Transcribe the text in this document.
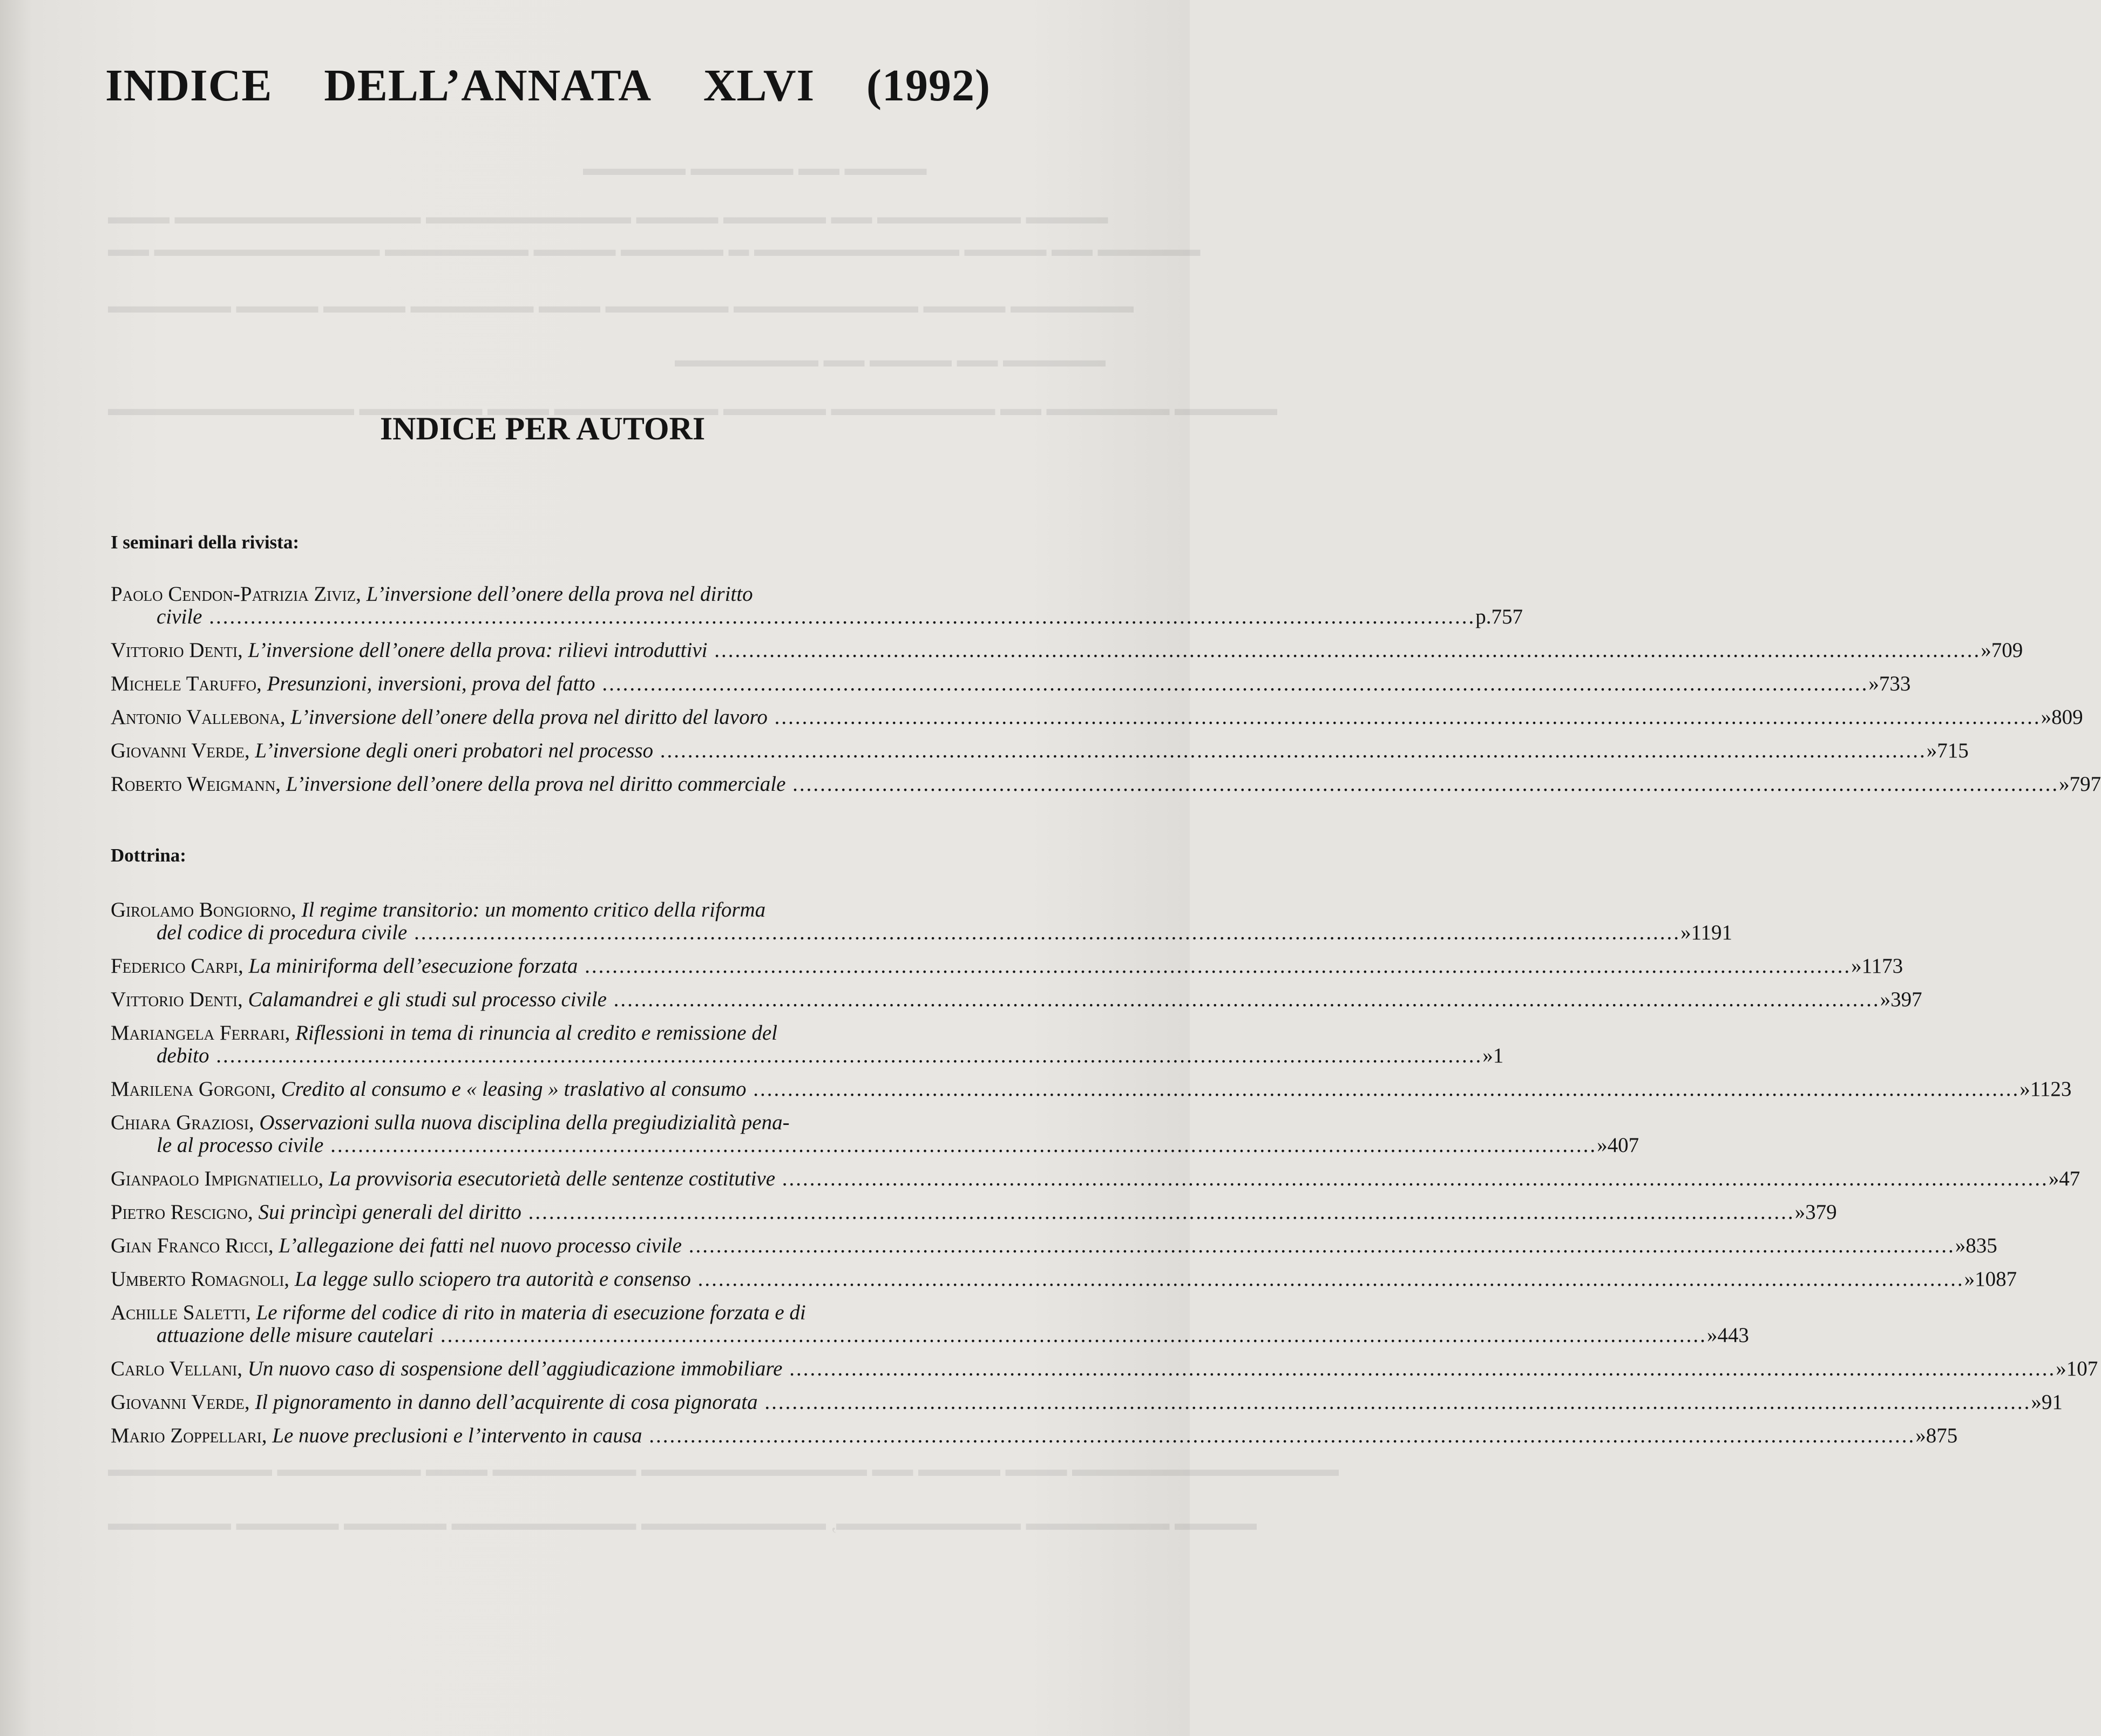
▬▬▬▬ ▬▬ ▬▬▬▬▬ ▬▬▬▬▬
▬▬▬▬ ▬▬▬▬▬▬▬ ▬▬ ▬▬▬▬▬ ▬▬▬▬ ▬▬▬▬▬▬▬▬▬▬ ▬▬▬▬▬▬▬▬▬▬▬▬ ▬▬▬
▬▬▬▬▬ ▬▬ ▬▬▬▬ ▬▬▬▬▬▬▬▬▬▬ ▬ ▬▬▬▬▬ ▬▬▬▬ ▬▬▬▬▬▬▬ ▬▬▬▬▬▬▬▬▬▬▬ ▬▬
▬▬▬▬▬▬ ▬▬▬▬ ▬▬▬▬▬▬▬▬▬ ▬▬▬▬▬▬ ▬▬▬ ▬▬▬▬▬▬ ▬▬▬▬ ▬▬▬▬ ▬▬▬▬▬▬
▬▬▬▬▬ ▬▬ ▬▬▬▬ ▬▬ ▬▬▬▬▬▬▬
▬▬▬▬▬ ▬▬▬▬▬▬ ▬▬ ▬▬▬▬▬▬▬▬ ▬▬▬▬▬ ▬▬▬▬▬▬▬▬ ▬▬▬ ▬▬▬▬▬▬ ▬▬▬▬▬▬▬▬▬▬▬▬
▬▬▬▬▬▬▬▬▬▬▬▬▬ ▬▬▬ ▬▬▬▬ ▬▬ ▬▬▬▬▬▬▬▬▬▬▬ ▬▬▬▬▬▬▬ ▬▬▬ ▬▬▬▬▬▬▬ ▬▬▬▬▬▬▬▬
▬▬▬▬ ▬▬▬▬▬▬▬ ▬▬▬▬▬▬▬▬▬, ▬▬▬▬▬▬▬▬▬ ▬▬▬▬▬▬▬▬▬ ▬▬▬▬▬ ▬▬▬▬▬ ▬▬▬▬▬▬
INDICE DELL’ANNATA XLVI (1992)
INDICE PER AUTORI
I seminari della rivista:
Paolo Cendon-Patrizia Ziviz, L’inversione dell’onere della prova nel diritto
civile .....	p. 757
Vittorio Denti, L’inversione dell’onere della prova: rilievi introduttivi .....	» 709
Michele Taruffo, Presunzioni, inversioni, prova del fatto .....	» 733
Antonio Vallebona, L’inversione dell’onere della prova nel diritto del lavoro .....	» 809
Giovanni Verde, L’inversione degli oneri probatori nel processo .....	» 715
Roberto Weigmann, L’inversione dell’onere della prova nel diritto commerciale .....	» 797
Dottrina:
Girolamo Bongiorno, Il regime transitorio: un momento critico della riforma
del codice di procedura civile .....	» 1191
Federico Carpi, La miniriforma dell’esecuzione forzata .....	» 1173
Vittorio Denti, Calamandrei e gli studi sul processo civile .....	» 397
Mariangela Ferrari, Riflessioni in tema di rinuncia al credito e remissione del
debito .....	» 1
Marilena Gorgoni, Credito al consumo e « leasing » traslativo al consumo .....	» 1123
Chiara Graziosi, Osservazioni sulla nuova disciplina della pregiudizialità pena-
le al processo civile .....	» 407
Gianpaolo Impignatiello, La provvisoria esecutorietà delle sentenze costitutive .....	» 47
Pietro Rescigno, Sui princìpi generali del diritto .....	» 379
Gian Franco Ricci, L’allegazione dei fatti nel nuovo processo civile .....	» 835
Umberto Romagnoli, La legge sullo sciopero tra autorità e consenso .....	» 1087
Achille Saletti, Le riforme del codice di rito in materia di esecuzione forzata e di
attuazione delle misure cautelari .....	» 443
Carlo Vellani, Un nuovo caso di sospensione dell’aggiudicazione immobiliare .....	» 107
Giovanni Verde, Il pignoramento in danno dell’acquirente di cosa pignorata .....	» 91
Mario Zoppellari, Le nuove preclusioni e l’intervento in causa .....	» 875
